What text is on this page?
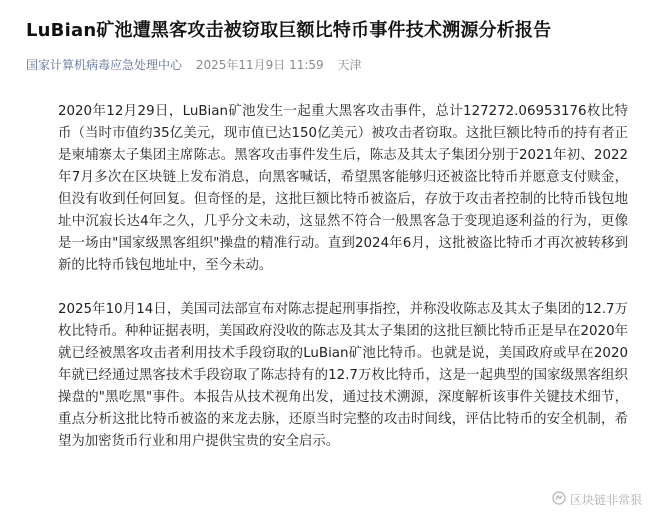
LuBian矿池遭黑客攻击被窃取巨额比特币事件技术溯源分析报告
国家计算机病毒应急处理中心 2025年11月9日 11:59 天津

2020年12月29日，LuBian矿池发生一起重大黑客攻击事件，总计127272.06953176枚比特币（当时市值约35亿美元，现市值已达150亿美元）被攻击者窃取。这批巨额比特币的持有者正是柬埔寨太子集团主席陈志。黑客攻击事件发生后，陈志及其太子集团分别于2021年初、2022年7月多次在区块链上发布消息，向黑客喊话，希望黑客能够归还被盗比特币并愿意支付赎金，但没有收到任何回复。但奇怪的是，这批巨额比特币被盗后，存放于攻击者控制的比特币钱包地址中沉寂长达4年之久，几乎分文未动，这显然不符合一般黑客急于变现追逐利益的行为，更像是一场由"国家级黑客组织"操盘的精准行动。直到2024年6月，这批被盗比特币才再次被转移到新的比特币钱包地址中，至今未动。

2025年10月14日，美国司法部宣布对陈志提起刑事指控，并称没收陈志及其太子集团的12.7万枚比特币。种种证据表明，美国政府没收的陈志及其太子集团的这批巨额比特币正是早在2020年就已经被黑客攻击者利用技术手段窃取的LuBian矿池比特币。也就是说，美国政府或早在2020年就已经通过黑客技术手段窃取了陈志持有的12.7万枚比特币，这是一起典型的国家级黑客组织操盘的"黑吃黑"事件。本报告从技术视角出发，通过技术溯源，深度解析该事件关键技术细节，重点分析这批比特币被盗的来龙去脉，还原当时完整的攻击时间线，评估比特币的安全机制，希望为加密货币行业和用户提供宝贵的安全启示。

区块链非常狠
